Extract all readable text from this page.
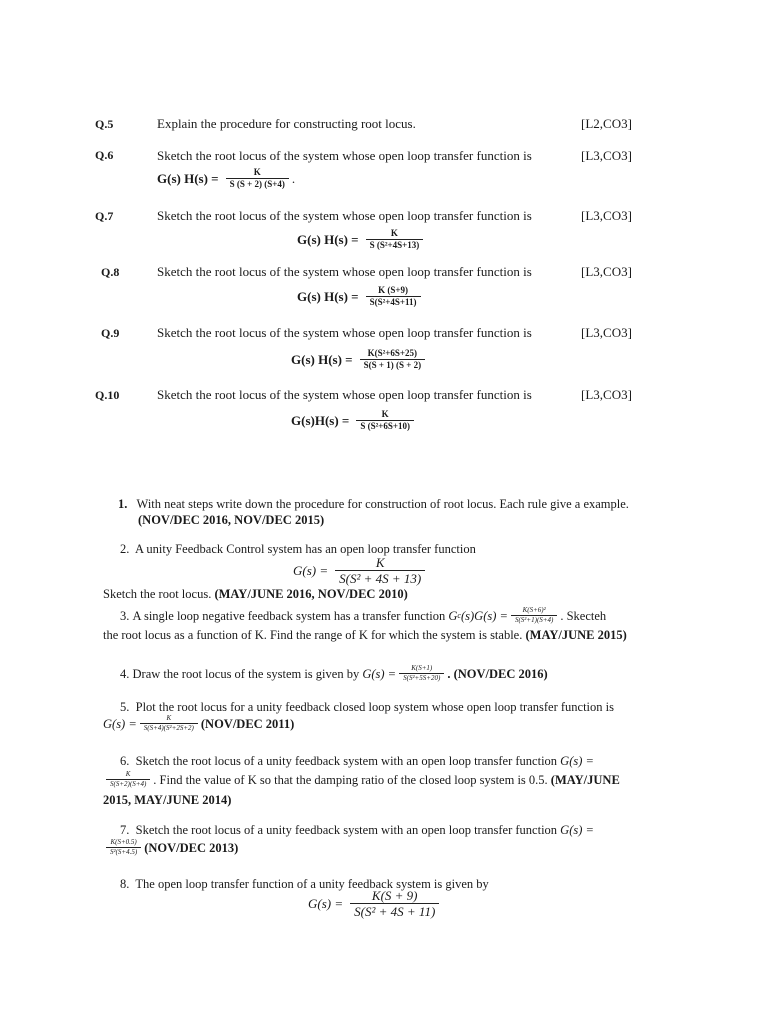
Q.5	Explain the procedure for constructing root locus.	[L2,CO3]
Q.6	Sketch the root locus of the system whose open loop transfer function is	[L3,CO3]
G(s) $H(s) = \frac{K}{S (S + 2) (S+4)}$ .
Q.7	Sketch the root locus of the system whose open loop transfer function is	[L3,CO3]
G(s) $H(s) = \frac{K}{\text{S (S²+4S+13)}}$
Q.8	Sketch the root locus of the system whose open loop transfer function is	[L3,CO3]
G(s) $H(s) = \frac{K (S+9)}{\text{S(S²+4S+11)}}$
Q.9	Sketch the root locus of the system whose open loop transfer function is	[L3,CO3]
G(s) $H(s) = \frac{\text{K(S²+6S+25)}}{S(S + 1) (S + 2)}$
Q.10	Sketch the root locus of the system whose open loop transfer function is	[L3,CO3]
$G(s)H(s) = \frac{K}{\text{S (S²+6S+10)}}$
1. With neat steps write down the procedure for construction of root locus. Each rule give a example.
(NOV/DEC 2016, NOV/DEC 2015)
2. A unity Feedback Control system has an open loop transfer function
$G(s) = \frac{K}{\text{S(S² + 4S + 13)}}$
Sketch the root locus. (MAY/JUNE 2016, NOV/DEC 2010)
3.
A single loop negative feedback system has a transfer function
G c $(s)G(s) = \frac{\text{K(S+6)²}}{\text{S(S²+1)(S+4)}}$ . Skecteh
the root locus as a function of K. Find the range of K for which the system is stable. (MAY/JUNE 2015)
4.
Draw the root locus of the system is given by
$G(s) = \frac{K(S+1)}{\text{S(S²+5S+20)}}$ . (NOV/DEC 2016)
5. Plot the root locus for a unity feedback closed loop system whose open loop transfer function is
$G(s) = \frac{K}{\text{S(S+4)(S²+2S+2)}} (NOV/DEC$ 2011)
6. Sketch the root locus of a unity feedback system with an open loop transfer function G(s) =
$\frac{K}{S(S+2)(S+4)}$ . Find the value of K so that the damping ratio of the closed loop system is 0.5.
(MAY/JUNE
2015, MAY/JUNE 2014)
7. Sketch the root locus of a unity feedback system with an open loop transfer function G(s) =
$\frac{K(S+0.5)}{\text{S²(S+4.5)}} (NOV/DEC$ 2013)
8. The open loop transfer function of a unity feedback system is given by
$G(s) = \frac{K(S + 9)}{\text{S(S² + 4S + 11)}}$
